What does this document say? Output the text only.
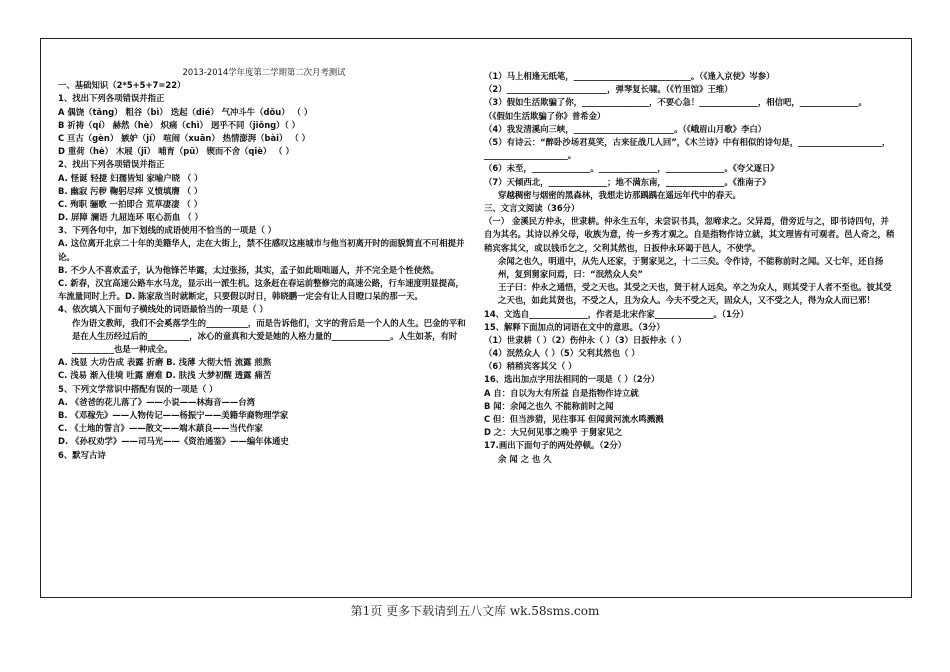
2013-2014学年度第二学期第二次月考测试
一、基础知识（2*5+5+7=22）
1、找出下列各项错误并指正
A 偶饶（tǎng） 粗谷（bì） 迭起（dié） 气冲斗牛（dǒu） （ ）
B 祈祷（qí） 赫然（hè） 炽痛（chì） 迥乎不同（jiǒng）（ ）
C 亘古（gèn） 嫉妒（jí） 喧闹（xuān） 热情澎湃（bài） （ ）
D 重荷（hè） 木屐（jī） 哺育（pǔ） 锲而不舍（qiè） （ ）
2、找出下列各项错误并指正
A. 怪诞 轻捷 妇孺皆知 家喻户晓 （ ）
B. 幽寂 污秽 鞠躬尽瘁 义愤填膺 （ ）
C. 殉职 骊歌 一拍即合 荒草凄凄 （ ）
D. 屏障 澜语 九屈连环 呕心沥血 （ ）
3、下列各句中，加下划线的成语使用不恰当的一项是（ ）
A. 这位离开北京二十年的美籍华人，走在大街上，禁不住感叹这座城市与他当初离开时的面貌简直不可相提并论。
B. 不少人不喜欢孟子，认为他锋芒毕露，太过张扬，其实，孟子如此咄咄逼人，并不完全是个性使然。
C. 新春，汉宜高速公路车水马龙，显示出一派生机。这条赶在春运前整修完的高速公路，行车速度明显提高，车流量同时上升。D. 陈家敌当时就断定，只要假以时日，韩晓鹏一定会有让人目瞪口呆的那一天。
4、依次填入下面句子横线处的词语最恰当的一项是（ ）
作为语文教师，我们不会奚落学生的__________，而是告诉他们，文字的背后是一个人的人生。巴金的平和是在人生历经过后的__________，冰心的童真和大爱是她的人格力量的______________。人生如茶，有时__________也是一种成全。
A. 浅显 大功告成 表露 折磨 B. 浅薄 大彻大悟 流露 煎熬
C. 浅易 渐入佳境 吐露 磨难 D. 肤浅 大梦初醒 透露 痛苦
5、下列文学常识中搭配有误的一项是（ ）
A. 《爸爸的花儿落了》——小说——林海音——台湾
B. 《邓稼先》——人物传记——杨振宁——美籍华裔物理学家
C. 《土地的誓言》——散文——端木蕻良——当代作家
D. 《孙权劝学》——司马光——《资治通鉴》——编年体通史
6、默写古诗
（1）马上相逢无纸笔，____________________________。（《逢入京使》岑参）
（2）________________________，弹琴复长啸。（《竹里馆》王维）
（3）假如生活欺骗了你，________________，不要心急！______________，相信吧，______________。
（《假如生活欺骗了你》普希金）
（4）我发清溪向三峡，________________________。（《峨眉山月歌》李白）
（5）有诗云：“醉卧沙场君莫笑，古来征战几人回”，《木兰诗》中有相似的诗句是，____________________，____________________。
（6）未至，______________。______________，______________。《夸父逐日》
（7）天倾西北，______________；地不满东南，______________。《淮南子》
穿越稠密与烟密的黑森林，我想走访那踽踽在遥远年代中的春天。
三、文言文阅读（36分）
（一） 金溪民方仲永，世隶耕。仲永生五年，未尝识书具，忽啼求之。父异焉，借旁近与之，即书诗四句，并自为其名。其诗以养父母，收族为意，传一乡秀才观之。自是指物作诗立就，其文理皆有可观者。邑人奇之，稍稍宾客其父，或以钱币乞之，父利其然也，日扳仲永环谒于邑人，不使学。
余闻之也久，明道中，从先人还家，于舅家见之，十二三矣。令作诗，不能称前时之闻。又七年，还自扬州，复到舅家问焉，曰：“泯然众人矣”
王子曰：仲永之通悟，受之天也。其受之天也，贤于材人远矣。卒之为众人，则其受于人者不至也。彼其受之天也，如此其贤也，不受之人，且为众人。今夫不受之天，固众人，又不受之人，得为众人而已邪！
14、文选自______________，作者是北宋作家______________。（1分）
15、解释下面加点的词语在文中的意思。（3分）
（1）世隶耕（ ）（2）伤仲永（ ）（3）日扳仲永（ ）
（4）泯然众人（ ）（5）父利其然也（ ）
（6）稍稍宾客其父（ ）
16、选出加点字用法相同的一项是（ ）（2分）
A 自：自以为大有所益 自是指物作诗立就
B 闻：余闻之也久 不能称前时之闻
C 但：但当涉猎，见往事耳 但闻黄河流水鸣溅溅
D 之：大兄何见事之晚乎 于舅家见之
17.画出下面句子的两处停顿。（2分）
余 闻 之 也 久
第1页 更多下载请到五八文库 wk.58sms.com
